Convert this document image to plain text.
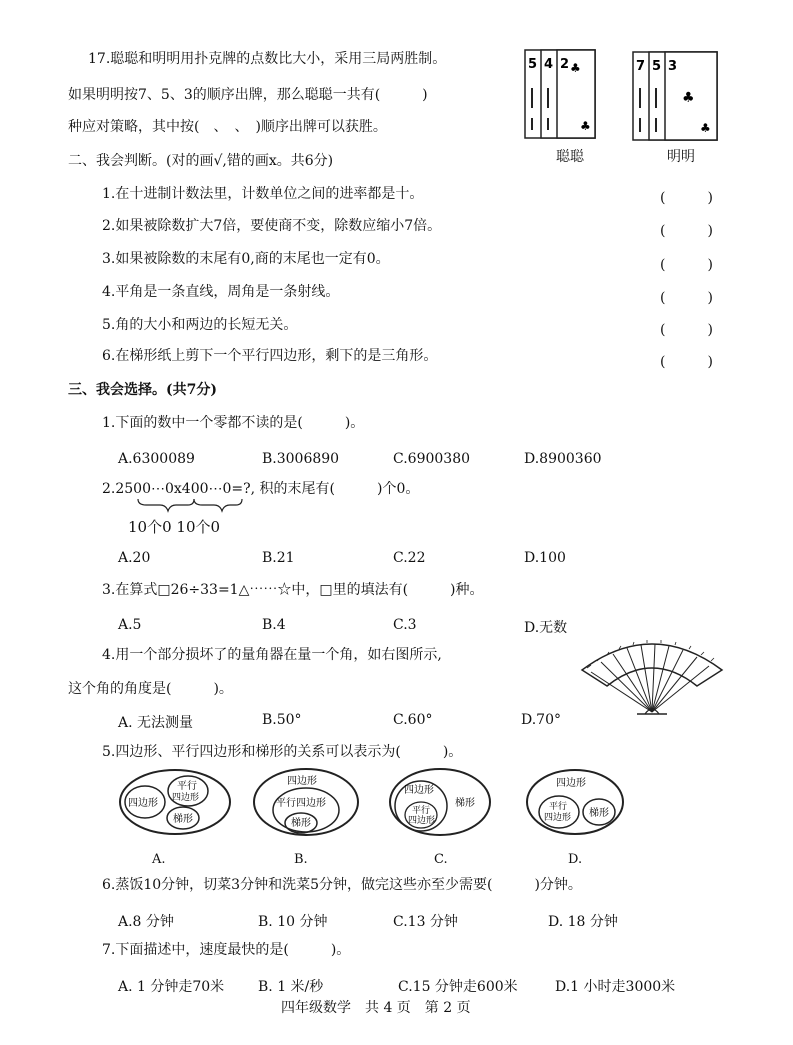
17.聪聪和明明用扑克牌的点数比大小，采用三局两胜制。
如果明明按7、5、3的顺序出牌，那么聪聪一共有(　　　)
种应对策略，其中按(　、　、　)顺序出牌可以获胜。
5 4 2 ♣
♣
7 5 3
♣
♣
聪聪	明明
二、我会判断。(对的画√,错的画x。共6分)
1.在十进制计数法里，计数单位之间的进率都是十。	(　　　)
2.如果被除数扩大7倍，要使商不变，除数应缩小7倍。	(　　　)
3.如果被除数的末尾有0,商的末尾也一定有0。	(　　　)
4.平角是一条直线，周角是一条射线。	(　　　)
5.角的大小和两边的长短无关。	(　　　)
6.在梯形纸上剪下一个平行四边形，剩下的是三角形。	(　　　)
三、我会选择。(共7分)
1.下面的数中一个零都不读的是(　　　)。
A.6300089	B.3006890	C.6900380	D.8900360
2.2500⋯0x400⋯0=?, 积的末尾有(　　　)个0。
10个0 10个0
A.20	B.21	C.22	D.100
3.在算式□26÷33=1△⋯⋯☆中，□里的填法有(　　　)种。
A.5	B.4	C.3	D.无数
4.用一个部分损坏了的量角器在量一个角，如右图所示,
这个角的角度是(　　　)。
A. 无法测量	B.50°	C.60°	D.70°
5.四边形、平行四边形和梯形的关系可以表示为(　　　)。
四边形
平行
四边形
梯形
四边形
平行四边形
梯形
四边形
平行
四边形
梯形
四边形
平行
四边形 梯形
A.	B.	C.	D.
6.蒸饭10分钟，切菜3分钟和洗菜5分钟，做完这些亦至少需要(　　　)分钟。
A.8 分钟	B. 10 分钟	C.13 分钟	D. 18 分钟
7.下面描述中，速度最快的是(　　　)。
A. 1 分钟走70米 B. 1 米/秒	C.15 分钟走600米	D.1 小时走3000米
四年级数学　共 4 页　第 2 页
